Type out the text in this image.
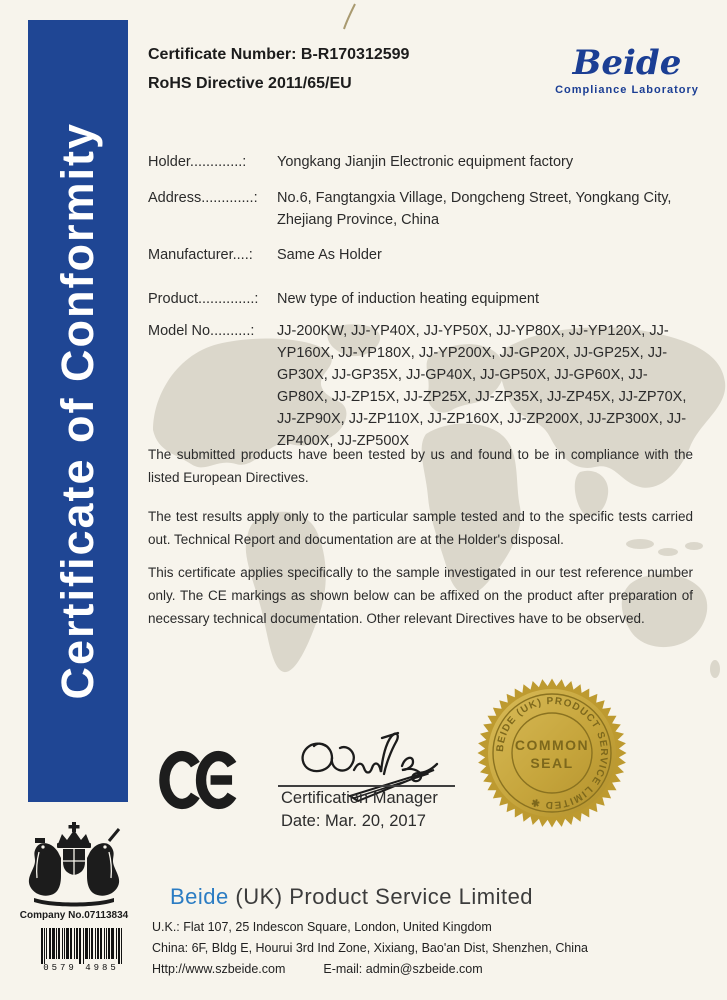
Certificate of Conformity
Certificate Number: B-R170312599
RoHS Directive 2011/65/EU
Beide
Compliance Laboratory
Holder.............: Yongkang Jianjin Electronic equipment factory
Address.............: No.6, Fangtangxia Village, Dongcheng Street, Yongkang City, Zhejiang Province, China
Manufacturer....: Same As Holder
Product..............: New type of induction heating equipment
Model No..........: JJ-200KW, JJ-YP40X, JJ-YP50X, JJ-YP80X, JJ-YP120X, JJ-YP160X, JJ-YP180X, JJ-YP200X, JJ-GP20X, JJ-GP25X, JJ-GP30X, JJ-GP35X, JJ-GP40X, JJ-GP50X, JJ-GP60X, JJ-GP80X, JJ-ZP15X, JJ-ZP25X, JJ-ZP35X, JJ-ZP45X, JJ-ZP70X, JJ-ZP90X, JJ-ZP110X, JJ-ZP160X, JJ-ZP200X, JJ-ZP300X, JJ-ZP400X, JJ-ZP500X

The submitted products have been tested by us and found to be in compliance with the listed European Directives.

The test results apply only to the particular sample tested and to the specific tests carried out. Technical Report and documentation are at the Holder's disposal.

This certificate applies specifically to the sample investigated in our test reference number only. The CE markings as shown below can be affixed on the product after preparation of necessary technical documentation. Other relevant Directives have to be observed.

Certification Manager
Date: Mar. 20, 2017
BEIDE (UK) PRODUCT SERVICE LIMITED ✱
COMMON
SEAL
Company No.07113834
0579 4985
Beide (UK) Product Service Limited
U.K.: Flat 107, 25 Indescon Square, London, United Kingdom
China: 6F, Bldg E, Hourui 3rd Ind Zone, Xixiang, Bao'an Dist, Shenzhen, China
Http://www.szbeide.com	E-mail: admin@szbeide.com
